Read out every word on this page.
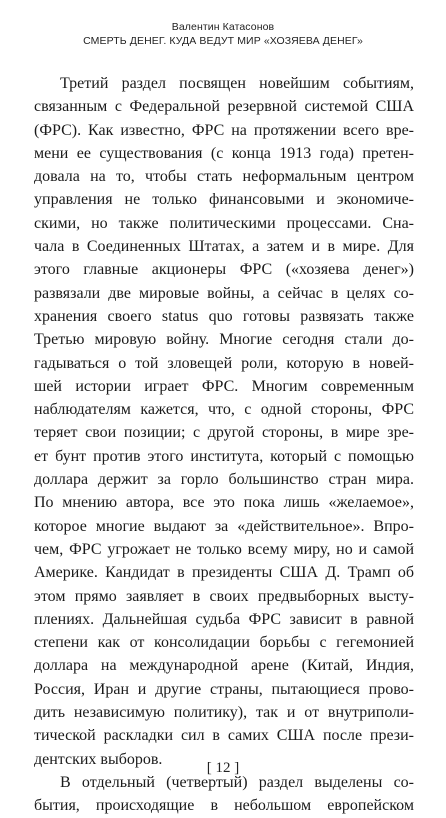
Валентин Катасонов
СМЕРТЬ ДЕНЕГ. КУДА ВЕДУТ МИР «ХОЗЯЕВА ДЕНЕГ»
Третий раздел посвящен новейшим событиям,
связанным с Федеральной резервной системой США
(ФРС). Как известно, ФРС на протяжении всего вре-
мени ее существования (с конца 1913 года) претен-
довала на то, чтобы стать неформальным центром
управления не только финансовыми и экономиче-
скими, но также политическими процессами. Сна-
чала в Соединенных Штатах, а затем и в мире. Для
этого главные акционеры ФРС («хозяева денег»)
развязали две мировые войны, а сейчас в целях со-
хранения своего status quo готовы развязать также
Третью мировую войну. Многие сегодня стали до-
гадываться о той зловещей роли, которую в новей-
шей истории играет ФРС. Многим современным
наблюдателям кажется, что, с одной стороны, ФРС
теряет свои позиции; с другой стороны, в мире зре-
ет бунт против этого института, который с помощью
доллара держит за горло большинство стран мира.
По мнению автора, все это пока лишь «желаемое»,
которое многие выдают за «действительное». Впро-
чем, ФРС угрожает не только всему миру, но и самой
Америке. Кандидат в президенты США Д. Трамп об
этом прямо заявляет в своих предвыборных высту-
плениях. Дальнейшая судьба ФРС зависит в равной
степени как от консолидации борьбы с гегемонией
доллара на международной арене (Китай, Индия,
Россия, Иран и другие страны, пытающиеся прово-
дить независимую политику), так и от внутриполи-
тической раскладки сил в самих США после прези-
дентских выборов.
В отдельный (четвертый) раздел выделены со-
бытия, происходящие в небольшом европейском
[ 12 ]
